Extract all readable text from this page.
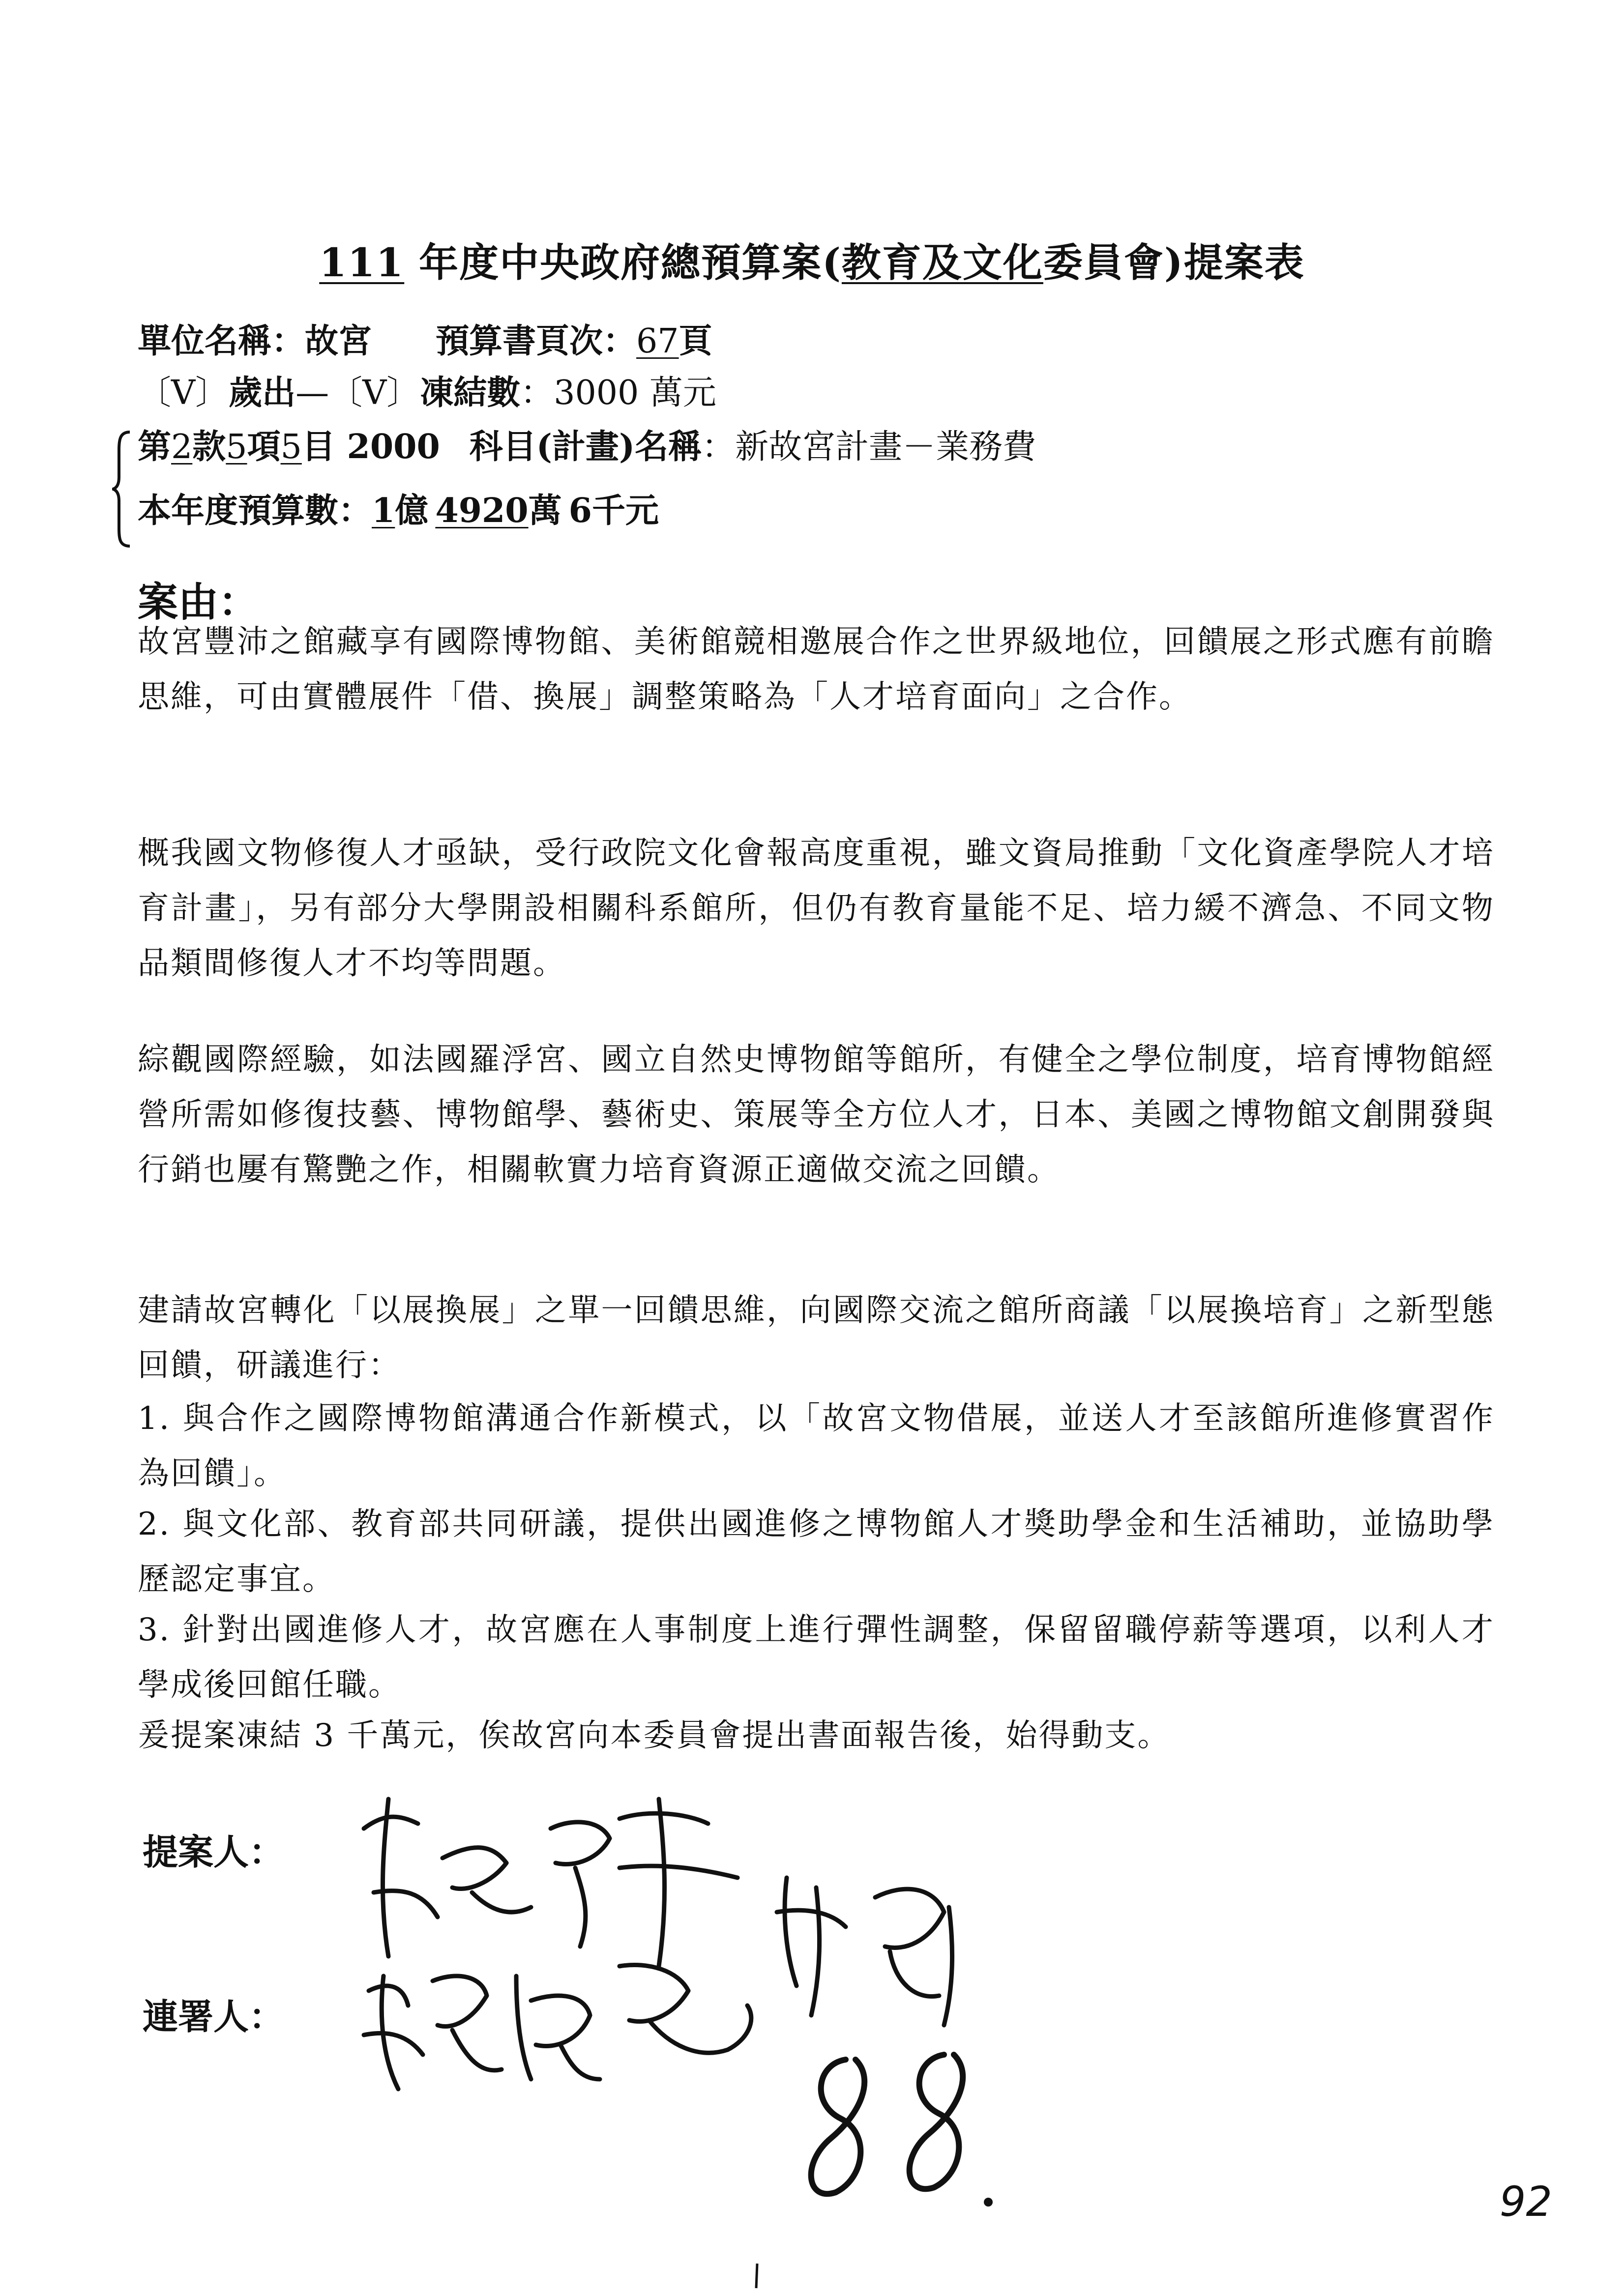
111 年度中央政府總預算案(教育及文化委員會)提案表
單位名稱：故宮 預算書頁次：67頁
〔V〕歲出—〔V〕凍結數：3000 萬元
第2款5項5目 2000 科目(計畫)名稱：新故宮計畫－業務費
本年度預算數：1億 4920萬 6千元
案由：

故宮豐沛之館藏享有國際博物館、美術館競相邀展合作之世界級地位，回饋展之形式應有前瞻思維，可由實體展件「借、換展」調整策略為「人才培育面向」之合作。

概我國文物修復人才亟缺，受行政院文化會報高度重視，雖文資局推動「文化資產學院人才培育計畫」，另有部分大學開設相關科系館所，但仍有教育量能不足、培力緩不濟急、不同文物品類間修復人才不均等問題。

綜觀國際經驗，如法國羅浮宮、國立自然史博物館等館所，有健全之學位制度，培育博物館經營所需如修復技藝、博物館學、藝術史、策展等全方位人才，日本、美國之博物館文創開發與行銷也屢有驚艷之作，相關軟實力培育資源正適做交流之回饋。

建請故宮轉化「以展換展」之單一回饋思維，向國際交流之館所商議「以展換培育」之新型態回饋，研議進行：

1. 與合作之國際博物館溝通合作新模式，以「故宮文物借展，並送人才至該館所進修實習作為回饋」。

2. 與文化部、教育部共同研議，提供出國進修之博物館人才獎助學金和生活補助，並協助學歷認定事宜。

3. 針對出國進修人才，故宮應在人事制度上進行彈性調整，保留留職停薪等選項，以利人才學成後回館任職。

爰提案凍結 3 千萬元，俟故宮向本委員會提出書面報告後，始得動支。

提案人：
連署人：
92
